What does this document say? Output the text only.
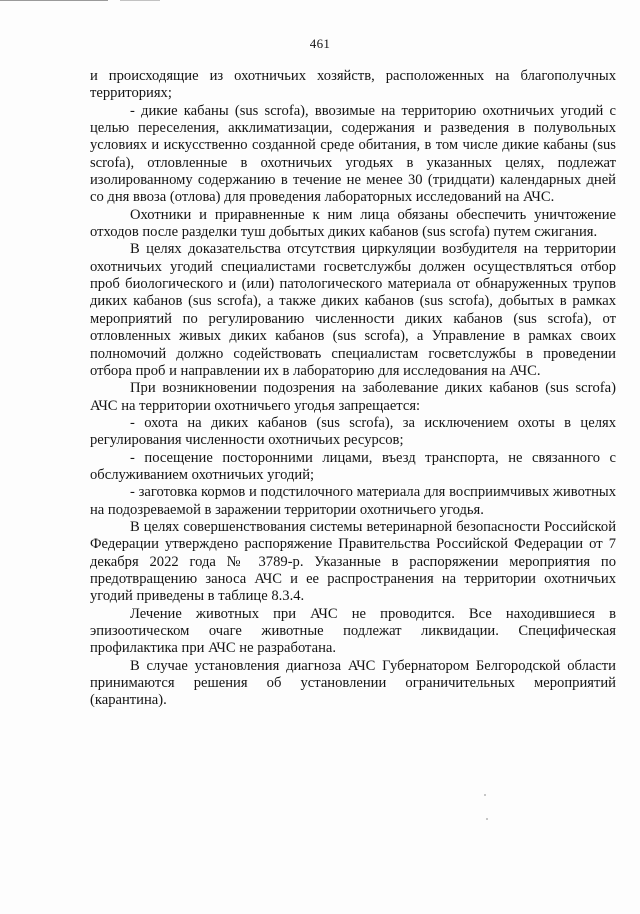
461

и происходящие из охотничьих хозяйств, расположенных на благополучных территориях;

- дикие кабаны (sus scrofa), ввозимые на территорию охотничьих угодий с целью переселения, акклиматизации, содержания и разведения в полувольных условиях и искусственно созданной среде обитания, в том числе дикие кабаны (sus scrofa), отловленные в охотничьих угодьях в указанных целях, подлежат изолированному содержанию в течение не менее 30 (тридцати) календарных дней со дня ввоза (отлова) для проведения лабораторных исследований на АЧС.

Охотники и приравненные к ним лица обязаны обеспечить уничтожение отходов после разделки туш добытых диких кабанов (sus scrofa) путем сжигания.

В целях доказательства отсутствия циркуляции возбудителя на территории охотничьих угодий специалистами госветслужбы должен осуществляться отбор проб биологического и (или) патологического материала от обнаруженных трупов диких кабанов (sus scrofa), а также диких кабанов (sus scrofa), добытых в рамках мероприятий по регулированию численности диких кабанов (sus scrofa), от отловленных живых диких кабанов (sus scrofa), а Управление в рамках своих полномочий должно содействовать специалистам госветслужбы в проведении отбора проб и направлении их в лабораторию для исследования на АЧС.

При возникновении подозрения на заболевание диких кабанов (sus scrofa) АЧС на территории охотничьего угодья запрещается:

- охота на диких кабанов (sus scrofa), за исключением охоты в целях регулирования численности охотничьих ресурсов;

- посещение посторонними лицами, въезд транспорта, не связанного с обслуживанием охотничьих угодий;

- заготовка кормов и подстилочного материала для восприимчивых животных на подозреваемой в заражении территории охотничьего угодья.

В целях совершенствования системы ветеринарной безопасности Российской Федерации утверждено распоряжение Правительства Российской Федерации от 7 декабря 2022 года № 3789-р. Указанные в распоряжении мероприятия по предотвращению заноса АЧС и ее распространения на территории охотничьих угодий приведены в таблице 8.3.4.

Лечение животных при АЧС не проводится. Все находившиеся в эпизоотическом очаге животные подлежат ликвидации. Специфическая профилактика при АЧС не разработана.

В случае установления диагноза АЧС Губернатором Белгородской области принимаются решения об установлении ограничительных мероприятий (карантина).
